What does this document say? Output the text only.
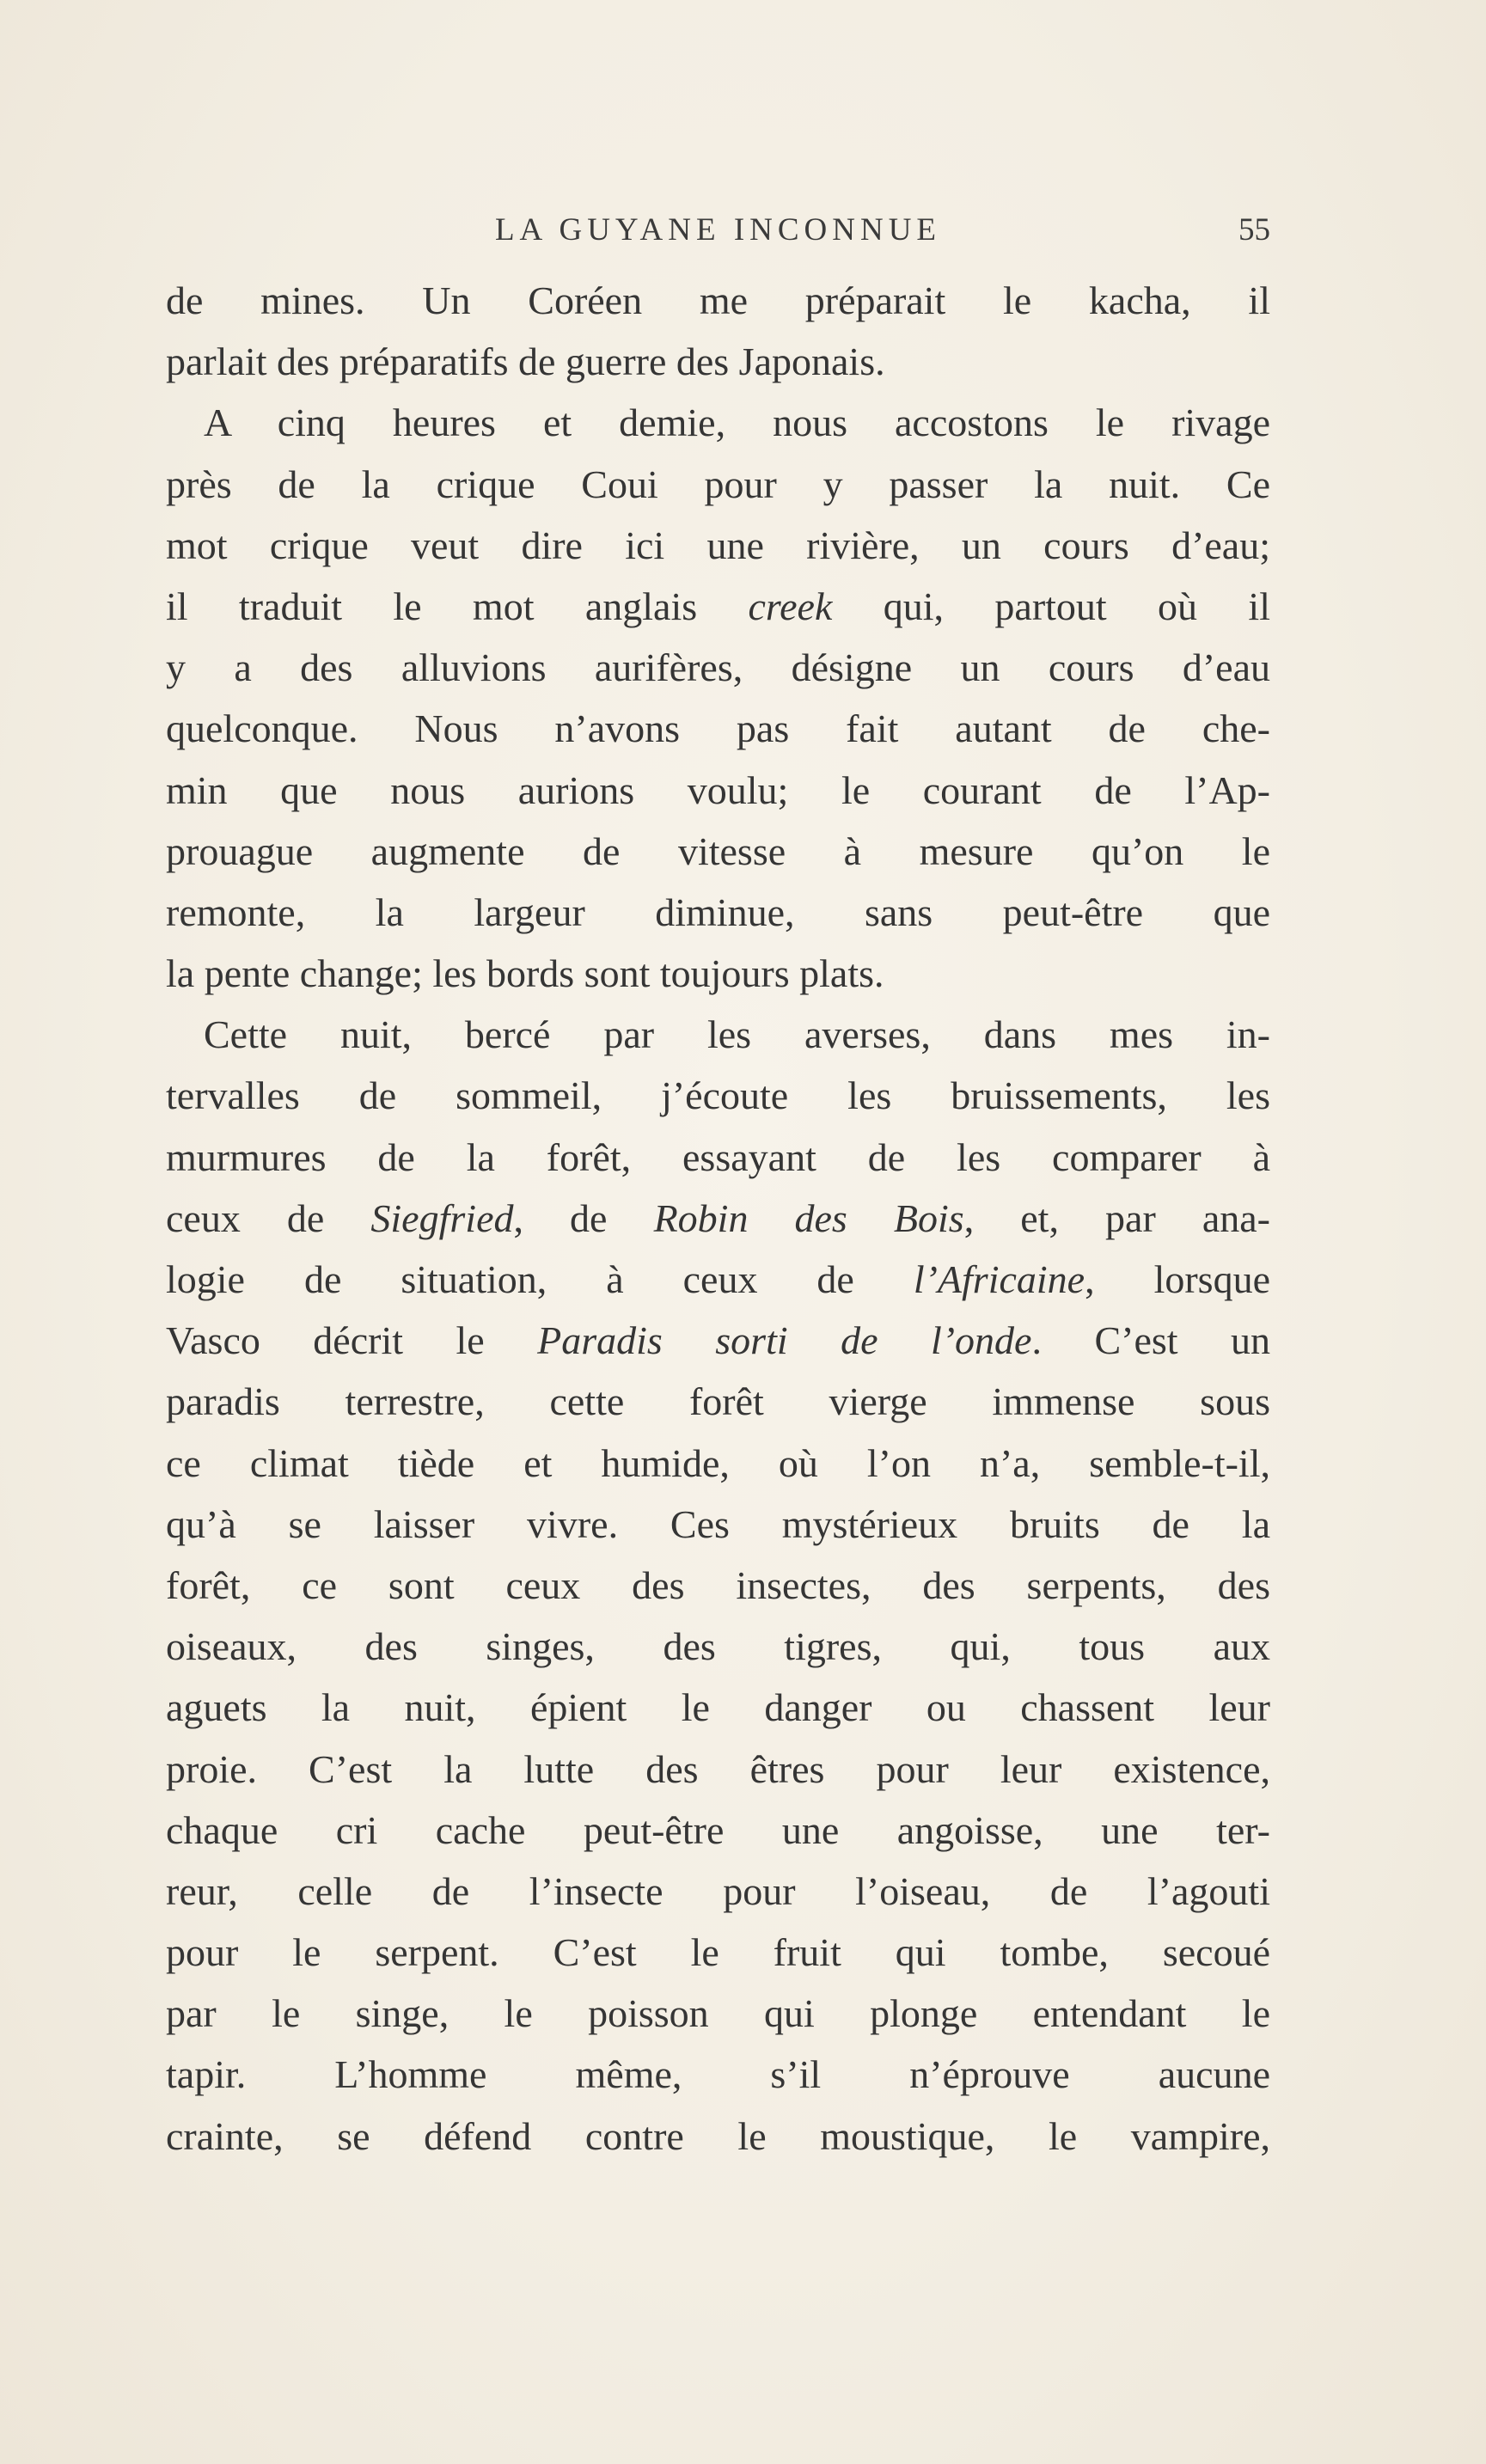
LA GUYANE INCONNUE	55
de mines. Un Coréen me préparait le kacha, il
parlait des préparatifs de guerre des Japonais.
A cinq heures et demie, nous accostons le rivage
près de la crique Coui pour y passer la nuit. Ce
mot crique veut dire ici une rivière, un cours d’eau;
il traduit le mot anglais creek qui, partout où il
y a des alluvions aurifères, désigne un cours d’eau
quelconque. Nous n’avons pas fait autant de che-
min que nous aurions voulu; le courant de l’Ap-
prouague augmente de vitesse à mesure qu’on le
remonte, la largeur diminue, sans peut-être que
la pente change; les bords sont toujours plats.
Cette nuit, bercé par les averses, dans mes in-
tervalles de sommeil, j’écoute les bruissements, les
murmures de la forêt, essayant de les comparer à
ceux de Siegfried, de Robin des Bois, et, par ana-
logie de situation, à ceux de l’Africaine, lorsque
Vasco décrit le Paradis sorti de l’onde. C’est un
paradis terrestre, cette forêt vierge immense sous
ce climat tiède et humide, où l’on n’a, semble-t-il,
qu’à se laisser vivre. Ces mystérieux bruits de la
forêt, ce sont ceux des insectes, des serpents, des
oiseaux, des singes, des tigres, qui, tous aux
aguets la nuit, épient le danger ou chassent leur
proie. C’est la lutte des êtres pour leur existence,
chaque cri cache peut-être une angoisse, une ter-
reur, celle de l’insecte pour l’oiseau, de l’agouti
pour le serpent. C’est le fruit qui tombe, secoué
par le singe, le poisson qui plonge entendant le
tapir. L’homme même, s’il n’éprouve aucune
crainte, se défend contre le moustique, le vampire,
